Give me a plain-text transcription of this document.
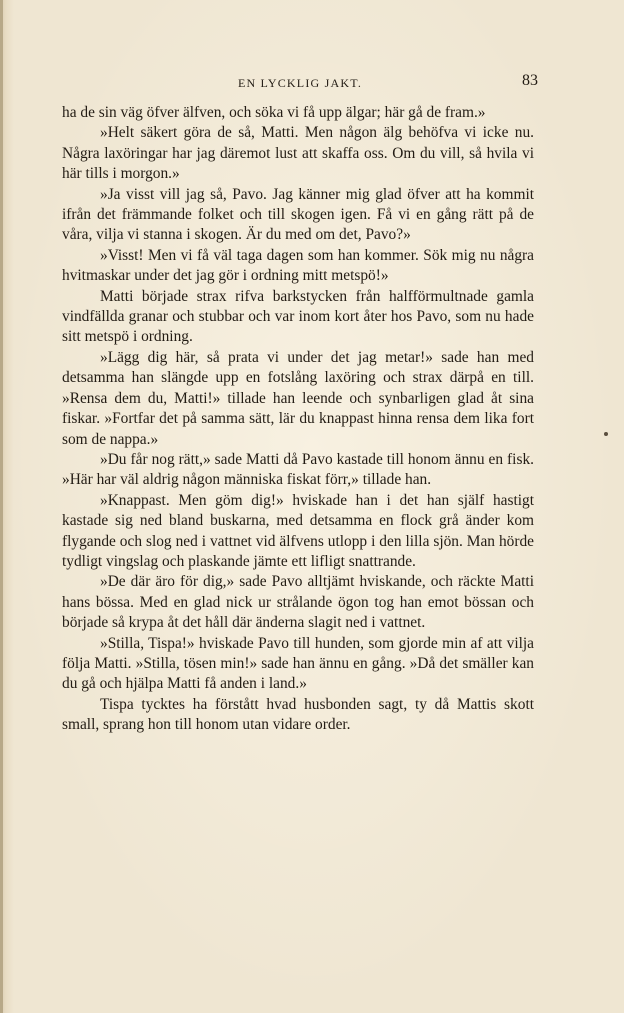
EN LYCKLIG JAKT.	83

ha de sin väg öfver älfven, och söka vi få upp älgar; här gå de fram.»

»Helt säkert göra de så, Matti. Men någon älg behöfva vi icke nu. Några laxöringar har jag däremot lust att skaffa oss. Om du vill, så hvila vi här tills i morgon.»

»Ja visst vill jag så, Pavo. Jag känner mig glad öfver att ha kommit ifrån det främmande folket och till skogen igen. Få vi en gång rätt på de våra, vilja vi stanna i skogen. Är du med om det, Pavo?»

»Visst! Men vi få väl taga dagen som han kommer. Sök mig nu några hvitmaskar under det jag gör i ordning mitt metspö!»

Matti började strax rifva barkstycken från halfförmultnade gamla vindfällda granar och stubbar och var inom kort åter hos Pavo, som nu hade sitt metspö i ordning.

»Lägg dig här, så prata vi under det jag metar!» sade han med detsamma han slängde upp en fotslång laxöring och strax därpå en till. »Rensa dem du, Matti!» tillade han leende och synbarligen glad åt sina fiskar. »Fortfar det på samma sätt, lär du knappast hinna rensa dem lika fort som de nappa.»

»Du får nog rätt,» sade Matti då Pavo kastade till honom ännu en fisk. »Här har väl aldrig någon människa fiskat förr,» tillade han.

»Knappast. Men göm dig!» hviskade han i det han själf hastigt kastade sig ned bland buskarna, med detsamma en flock grå änder kom flygande och slog ned i vattnet vid älfvens utlopp i den lilla sjön. Man hörde tydligt vingslag och plaskande jämte ett lifligt snattrande.

»De där äro för dig,» sade Pavo alltjämt hviskande, och räckte Matti hans bössa. Med en glad nick ur strålande ögon tog han emot bössan och började så krypa åt det håll där änderna slagit ned i vattnet.

»Stilla, Tispa!» hviskade Pavo till hunden, som gjorde min af att vilja följa Matti. »Stilla, tösen min!» sade han ännu en gång. »Då det smäller kan du gå och hjälpa Matti få anden i land.»

Tispa tycktes ha förstått hvad husbonden sagt, ty då Mattis skott small, sprang hon till honom utan vidare order.
